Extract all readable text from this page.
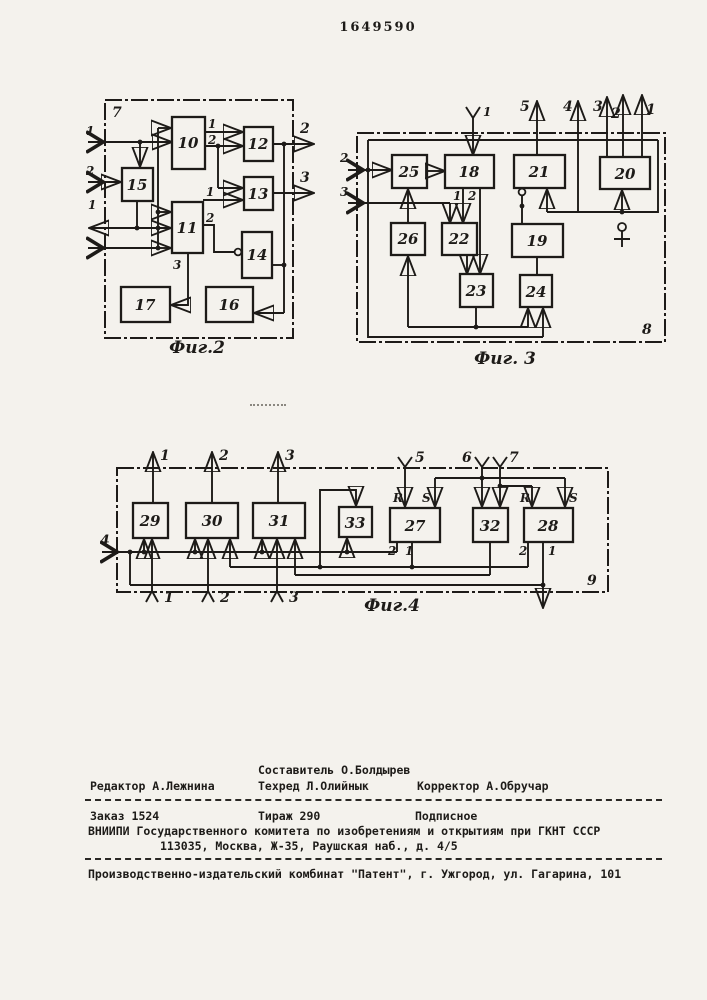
1649590
7
10
15
12
13
11
14
17	16
1
2
1
1
2
1
2
3
2
3
Фиг.2
8
25	18	21	20
26 22	19
23	24
1 5 4 3 2 1
2
3	1 2
Фиг. 3
9
29	30	31	33	27	32 28
1	2	3	5	6	7
R S	R	S
2 1	2 1
4
1	2	3	Фиг.4
Составитель О.Болдырев
Редактор А.Лежнина	Техред Л.Олийнык	Корректор А.Обручар
Заказ 1524	Тираж 290	Подписное
ВНИИПИ Государственного комитета по изобретениям и открытиям при ГКНТ СССР
113035, Москва, Ж-35, Раушская наб., д. 4/5
Производственно-издательский комбинат "Патент", г. Ужгород, ул. Гагарина, 101
